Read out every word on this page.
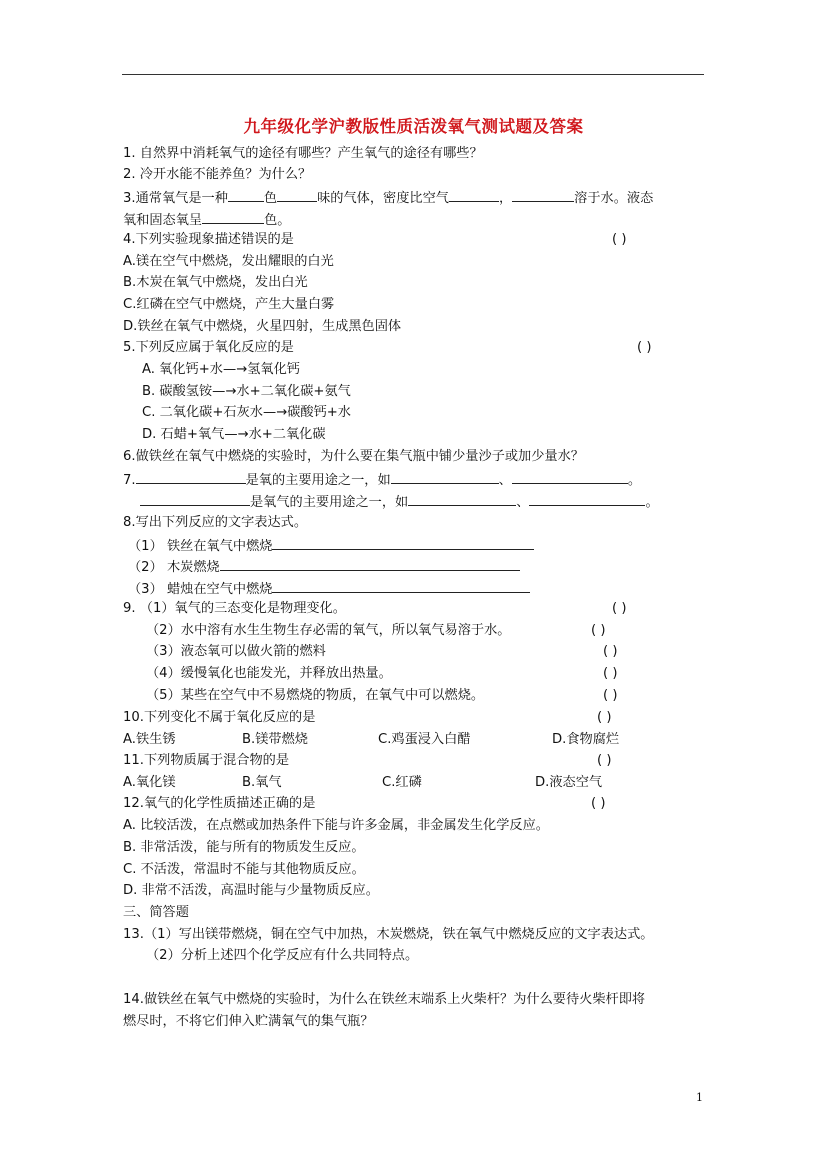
九年级化学沪教版性质活泼氧气测试题及答案
1. 自然界中消耗氧气的途径有哪些？产生氧气的途径有哪些？
2. 冷开水能不能养鱼？为什么？
3.通常氧气是一种	色	味的气体，密度比空气	，	溶于水。液态
氧和固态氧呈	色。
4.下列实验现象描述错误的是	( )
A.镁在空气中燃烧，发出耀眼的白光
B.木炭在氧气中燃烧，发出白光
C.红磷在空气中燃烧，产生大量白雾
D.铁丝在氧气中燃烧，火星四射，生成黑色固体
5.下列反应属于氧化反应的是	( )
A. 氧化钙+水—→氢氧化钙
B. 碳酸氢铵—→水+二氧化碳+氨气
C. 二氧化碳+石灰水—→碳酸钙+水
D. 石蜡+氧气—→水+二氧化碳
6.做铁丝在氧气中燃烧的实验时，为什么要在集气瓶中铺少量沙子或加少量水？
7.	是氧的主要用途之一，如	、	。
是氧气的主要用途之一，如	、	。
8.写出下列反应的文字表达式。
（1） 铁丝在氧气中燃烧
（2） 木炭燃烧
（3） 蜡烛在空气中燃烧
9. （1）氧气的三态变化是物理变化。	( )
（2）水中溶有水生生物生存必需的氧气，所以氧气易溶于水。	( )
（3）液态氧可以做火箭的燃料	( )
（4）缓慢氧化也能发光，并释放出热量。	( )
（5）某些在空气中不易燃烧的物质，在氧气中可以燃烧。	( )
10.下列变化不属于氧化反应的是	( )
A.铁生锈	B.镁带燃烧	C.鸡蛋浸入白醋	D.食物腐烂
11.下列物质属于混合物的是	( )
A.氧化镁	B.氧气	C.红磷	D.液态空气
12.氧气的化学性质描述正确的是	( )
A. 比较活泼，在点燃或加热条件下能与许多金属，非金属发生化学反应。
B. 非常活泼，能与所有的物质发生反应。
C. 不活泼，常温时不能与其他物质反应。
D. 非常不活泼，高温时能与少量物质反应。
三、简答题
13.（1）写出镁带燃烧，铜在空气中加热，木炭燃烧，铁在氧气中燃烧反应的文字表达式。
（2）分析上述四个化学反应有什么共同特点。
14.做铁丝在氧气中燃烧的实验时，为什么在铁丝末端系上火柴杆？为什么要待火柴杆即将
燃尽时，不将它们伸入贮满氧气的集气瓶？
1
